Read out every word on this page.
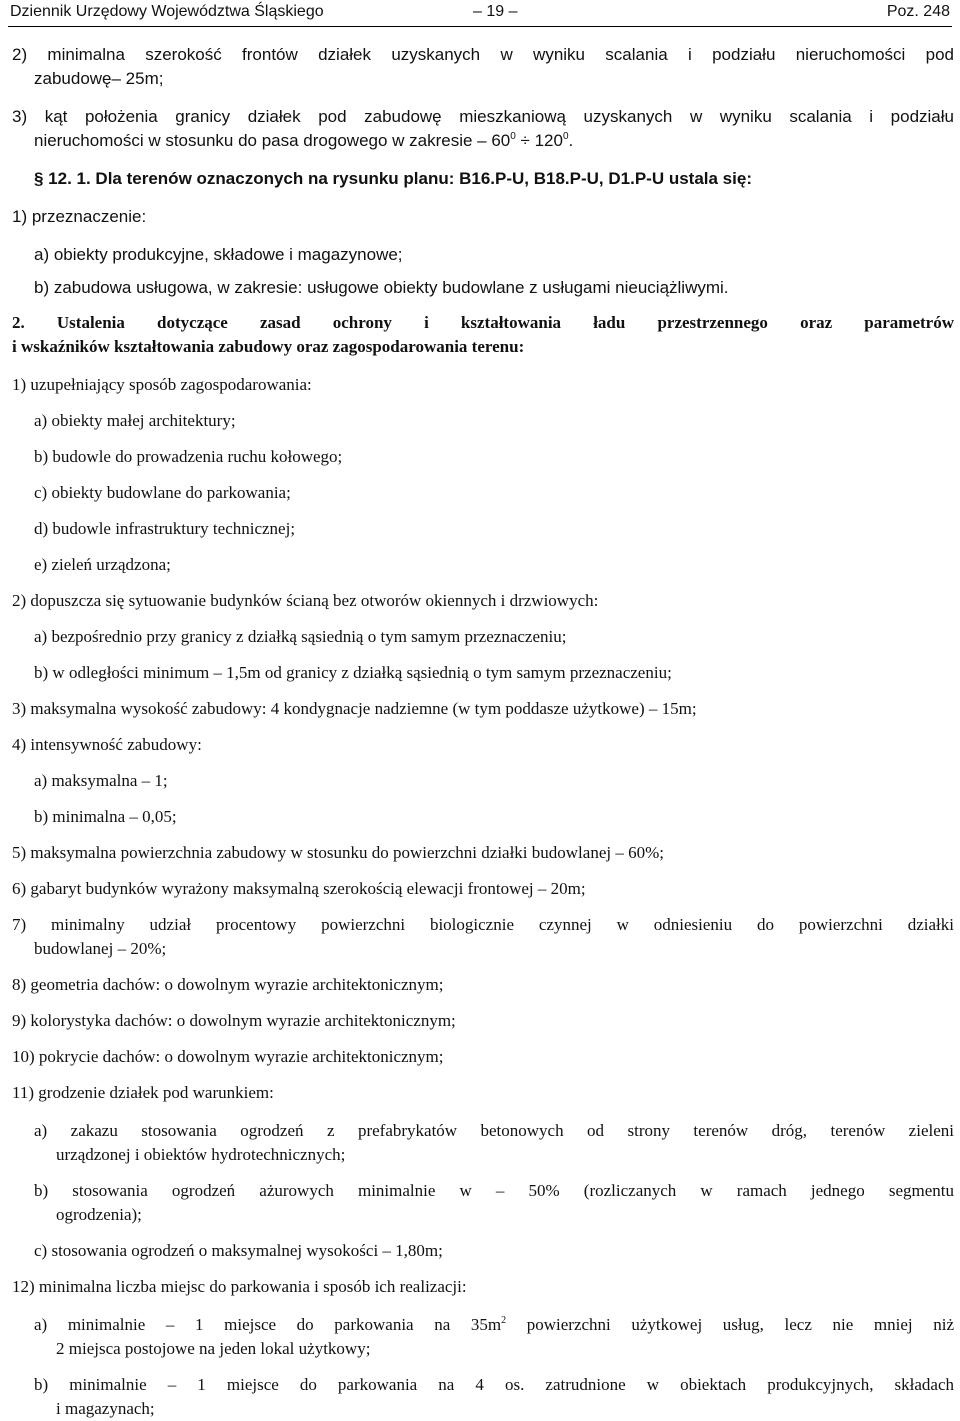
Dziennik Urzędowy Województwa Śląskiego	– 19 –	Poz. 248
2) minimalna szerokość frontów działek uzyskanych w wyniku scalania i podziału nieruchomości pod
zabudowę– 25m;
3) kąt położenia granicy działek pod zabudowę mieszkaniową uzyskanych w wyniku scalania i podziału
nieruchomości w stosunku do pasa drogowego w zakresie – $60^0 \div 120^0$.
§ 12. 1. Dla terenów oznaczonych na rysunku planu: B16.P-U, B18.P-U, D1.P-U ustala się:
1) przeznaczenie:
a) obiekty produkcyjne, składowe i magazynowe;
b) zabudowa usługowa, w zakresie: usługowe obiekty budowlane z usługami nieuciążliwymi.
2. Ustalenia dotyczące zasad ochrony i kształtowania ładu przestrzennego oraz parametrów
i wskaźników kształtowania zabudowy oraz zagospodarowania terenu:
1) uzupełniający sposób zagospodarowania:
a) obiekty małej architektury;
b) budowle do prowadzenia ruchu kołowego;
c) obiekty budowlane do parkowania;
d) budowle infrastruktury technicznej;
e) zieleń urządzona;
2) dopuszcza się sytuowanie budynków ścianą bez otworów okiennych i drzwiowych:
a) bezpośrednio przy granicy z działką sąsiednią o tym samym przeznaczeniu;
b) w odległości minimum – 1,5m od granicy z działką sąsiednią o tym samym przeznaczeniu;
3) maksymalna wysokość zabudowy: 4 kondygnacje nadziemne (w tym poddasze użytkowe) – 15m;
4) intensywność zabudowy:
a) maksymalna – 1;
b) minimalna – 0,05;
5) maksymalna powierzchnia zabudowy w stosunku do powierzchni działki budowlanej – 60%;
6) gabaryt budynków wyrażony maksymalną szerokością elewacji frontowej – 20m;
7) minimalny udział procentowy powierzchni biologicznie czynnej w odniesieniu do powierzchni działki
budowlanej – 20%;
8) geometria dachów: o dowolnym wyrazie architektonicznym;
9) kolorystyka dachów: o dowolnym wyrazie architektonicznym;
10) pokrycie dachów: o dowolnym wyrazie architektonicznym;
11) grodzenie działek pod warunkiem:
a) zakazu stosowania ogrodzeń z prefabrykatów betonowych od strony terenów dróg, terenów zieleni
urządzonej i obiektów hydrotechnicznych;
b) stosowania ogrodzeń ażurowych minimalnie w – 50% (rozliczanych w ramach jednego segmentu
ogrodzenia);
c) stosowania ogrodzeń o maksymalnej wysokości – 1,80m;
12) minimalna liczba miejsc do parkowania i sposób ich realizacji:
a) minimalnie – 1 miejsce do parkowania na $35m^2$ powierzchni użytkowej usług, lecz nie mniej niż
2 miejsca postojowe na jeden lokal użytkowy;
b) minimalnie – 1 miejsce do parkowania na 4 os. zatrudnione w obiektach produkcyjnych, składach
i magazynach;
